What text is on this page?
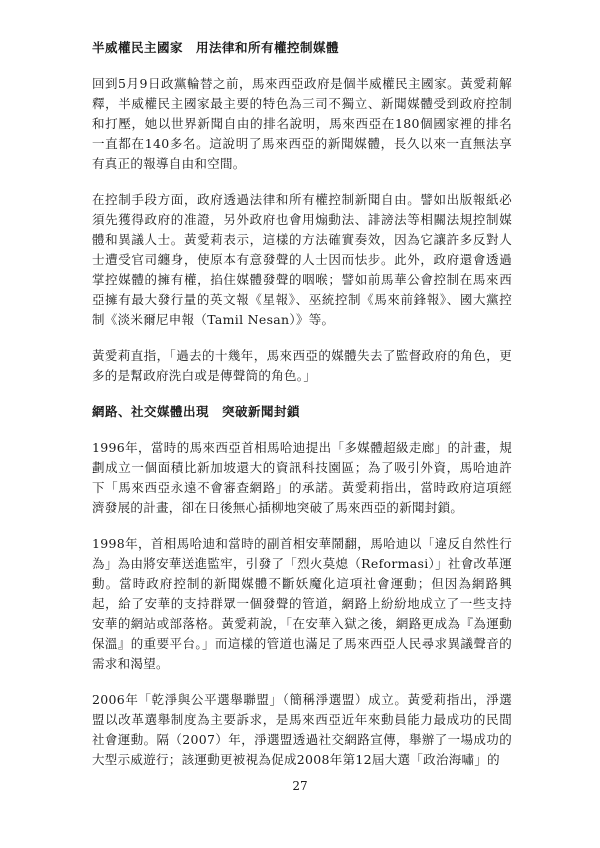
半威權民主國家　用法律和所有權控制媒體

回到5月9日政黨輪替之前，馬來西亞政府是個半威權民主國家。黃愛莉解釋，半威權民主國家最主要的特色為三司不獨立、新聞媒體受到政府控制和打壓，她以世界新聞自由的排名說明，馬來西亞在180個國家裡的排名一直都在140多名。這說明了馬來西亞的新聞媒體，長久以來一直無法享有真正的報導自由和空間。

在控制手段方面，政府透過法律和所有權控制新聞自由。譬如出版報紙必須先獲得政府的准證，另外政府也會用煽動法、誹謗法等相關法規控制媒體和異議人士。黃愛莉表示，這樣的方法確實奏效，因為它讓許多反對人士遭受官司纏身，使原本有意發聲的人士因而怯步。此外，政府還會透過掌控媒體的擁有權，掐住媒體發聲的咽喉；譬如前馬華公會控制在馬來西亞擁有最大發行量的英文報《星報》、巫統控制《馬來前鋒報》、國大黨控制《淡米爾尼申報（Tamil Nesan）》等。

黃愛莉直指，「過去的十幾年，馬來西亞的媒體失去了監督政府的角色，更多的是幫政府洗白或是傳聲筒的角色。」

網路、社交媒體出現　突破新聞封鎖

1996年，當時的馬來西亞首相馬哈迪提出「多媒體超級走廊」的計畫，規劃成立一個面積比新加坡還大的資訊科技園區；為了吸引外資，馬哈迪許下「馬來西亞永遠不會審查網路」的承諾。黃愛莉指出，當時政府這項經濟發展的計畫，卻在日後無心插柳地突破了馬來西亞的新聞封鎖。

1998年，首相馬哈迪和當時的副首相安華鬧翻，馬哈迪以「違反自然性行為」為由將安華送進監牢，引發了「烈火莫熄（Reformasi）」社會改革運動。當時政府控制的新聞媒體不斷妖魔化這項社會運動；但因為網路興起，給了安華的支持群眾一個發聲的管道，網路上紛紛地成立了一些支持安華的網站或部落格。黃愛莉說，「在安華入獄之後，網路更成為『為運動保溫』的重要平台。」而這樣的管道也滿足了馬來西亞人民尋求異議聲音的需求和渴望。

2006年「乾淨與公平選舉聯盟」（簡稱淨選盟）成立。黃愛莉指出，淨選盟以改革選舉制度為主要訴求，是馬來西亞近年來動員能力最成功的民間社會運動。隔（2007）年，淨選盟透過社交網路宣傳，舉辦了一場成功的大型示威遊行；該運動更被視為促成2008年第12屆大選「政治海嘯」的

27
